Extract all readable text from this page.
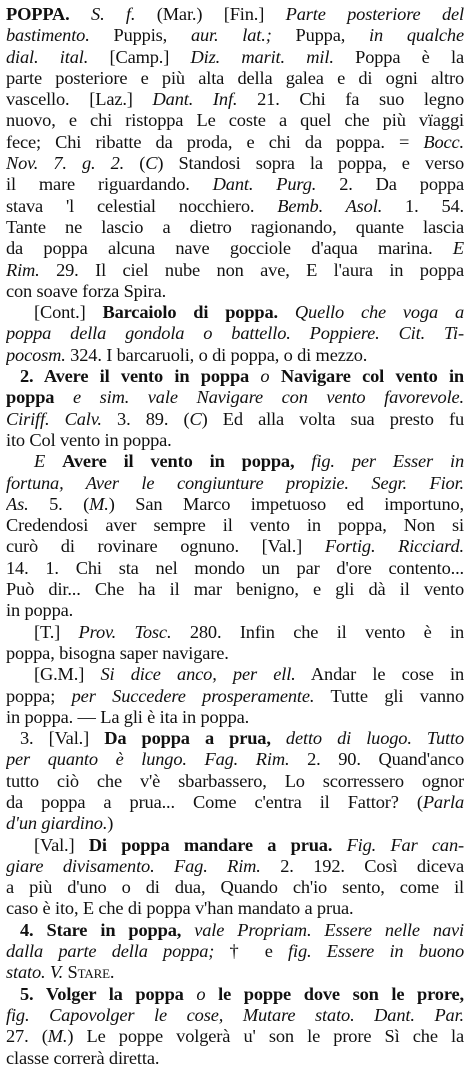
POPPA. S. f. (Mar.) [Fin.] Parte posteriore del
bastimento. Puppis, aur. lat.; Puppa, in qualche
dial. ital. [Camp.] Diz. marit. mil. Poppa è la
parte posteriore e più alta della galea e di ogni altro
vascello. [Laz.] Dant. Inf. 21. Chi fa suo legno
nuovo, e chi ristoppa Le coste a quel che più vïaggi
fece; Chi ribatte da proda, e chi da poppa. = Bocc.
Nov. 7. g. 2. (C) Standosi sopra la poppa, e verso
il mare riguardando. Dant. Purg. 2. Da poppa
stava 'l celestial nocchiero. Bemb. Asol. 1. 54.
Tante ne lascio a dietro ragionando, quante lascia
da poppa alcuna nave gocciole d'aqua marina. E
Rim. 29. Il ciel nube non ave, E l'aura in poppa
con soave forza Spira.
[Cont.] Barcaiolo di poppa. Quello che voga a
poppa della gondola o battello. Poppiere. Cit. Ti-
pocosm. 324. I barcaruoli, o di poppa, o di mezzo.
2. Avere il vento in poppa o Navigare col vento in
poppa e sim. vale Navigare con vento favorevole.
Ciriff. Calv. 3. 89. (C) Ed alla volta sua presto fu
ito Col vento in poppa.
E Avere il vento in poppa, fig. per Esser in
fortuna, Aver le congiunture propizie. Segr. Fior.
As. 5. (M.) San Marco impetuoso ed importuno,
Credendosi aver sempre il vento in poppa, Non si
curò di rovinare ognuno. [Val.] Fortig. Ricciard.
14. 1. Chi sta nel mondo un par d'ore contento...
Può dir... Che ha il mar benigno, e gli dà il vento
in poppa.
[T.] Prov. Tosc. 280. Infin che il vento è in
poppa, bisogna saper navigare.
[G.M.] Si dice anco, per ell. Andar le cose in
poppa; per Succedere prosperamente. Tutte gli vanno
in poppa. — La gli è ita in poppa.
3. [Val.] Da poppa a prua, detto di luogo. Tutto
per quanto è lungo. Fag. Rim. 2. 90. Quand'anco
tutto ciò che v'è sbarbassero, Lo scorressero ognor
da poppa a prua... Come c'entra il Fattor? (Parla
d'un giardino.)
[Val.] Di poppa mandare a prua. Fig. Far can-
giare divisamento. Fag. Rim. 2. 192. Così diceva
a più d'uno o di dua, Quando ch'io sento, come il
caso è ito, E che di poppa v'han mandato a prua.
4. Stare in poppa, vale Propriam. Essere nelle navi
dalla parte della poppa; † e fig. Essere in buono
stato. V. Stare.
5. Volger la poppa o le poppe dove son le prore,
fig. Capovolger le cose, Mutare stato. Dant. Par.
27. (M.) Le poppe volgerà u' son le prore Sì che la
classe correrà diretta.
